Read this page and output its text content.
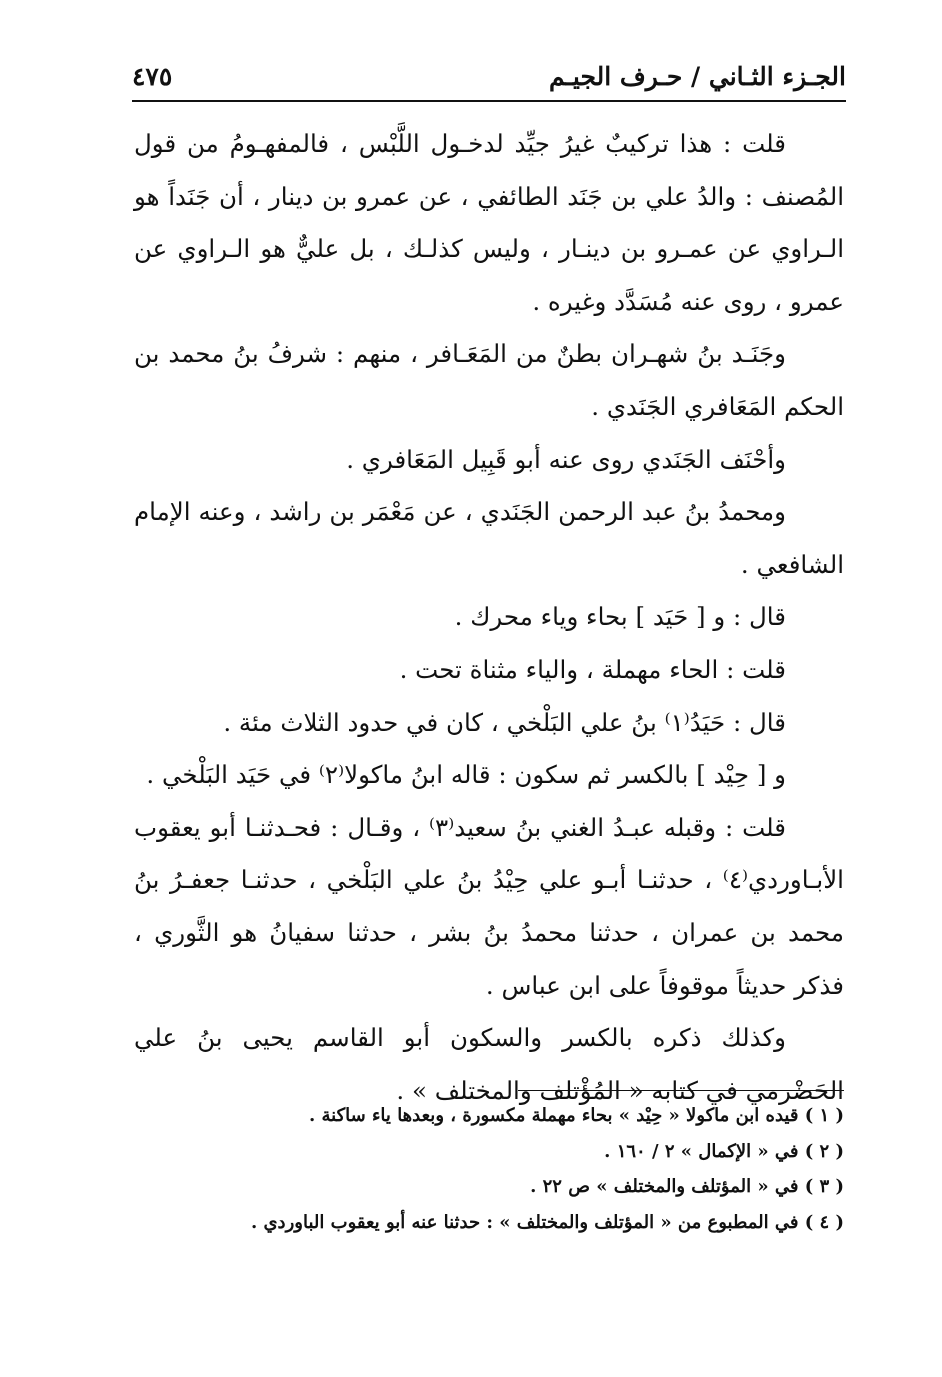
الجـزء الثـاني / حـرف الجيـم
٤٧٥

قلت : هذا تركيبٌ غيرُ جيِّد لدخـول اللَّبْس ، فالمفهـومُ من قول المُصنف : والدُ علي بن جَنَد الطائفي ، عن عمرو بن دينار ، أن جَنَداً هو الـراوي عن عمـرو بن دينـار ، وليس كذلـك ، بل عليٌّ هو الـراوي عن عمرو ، روى عنه مُسَدَّد وغيره .

وجَنَـد بنُ شهـران بطنٌ من المَعَـافر ، منهم : شرفُ بنُ محمد بن الحكم المَعَافري الجَنَدي .

وأحْنَف الجَنَدي روى عنه أبو قَبِيل المَعَافري .

ومحمدُ بنُ عبد الرحمن الجَنَدي ، عن مَعْمَر بن راشد ، وعنه الإمام الشافعي .

قال : و [ حَيَد ] بحاء وياء محرك .

قلت : الحاء مهملة ، والياء مثناة تحت .

قال : حَيَدُ⁽١⁾ بنُ علي البَلْخي ، كان في حدود الثلاث مئة .

و [ حِيْد ] بالكسر ثم سكون : قاله ابنُ ماكولا⁽٢⁾ في حَيَد البَلْخي .

قلت : وقبله عبـدُ الغني بنُ سعيد⁽٣⁾ ، وقـال : فحـدثنـا أبو يعقوب الأبـاوردي⁽٤⁾ ، حدثنـا أبـو علي حِيْدُ بنُ علي البَلْخي ، حدثنـا جعفـرُ بنُ محمد بن عمران ، حدثنا محمدُ بنُ بشر ، حدثنا سفيانُ هو الثَّوري ، فذكر حديثاً موقوفاً على ابن عباس .

وكذلك ذكره بالكسر والسكون أبو القاسم يحيى بنُ علي الحَضْرمي في كتابه « المُؤْتلف والمختلف » .

( ١ ) قيده ابن ماكولا « حِيْد » بحاء مهملة مكسورة ، وبعدها ياء ساكنة .

( ٢ ) في « الإكمال » ٢ / ١٦٠ .

( ٣ ) في « المؤتلف والمختلف » ص ٢٢ .

( ٤ ) في المطبوع من « المؤتلف والمختلف » : حدثنا عنه أبو يعقوب الباوردي .
